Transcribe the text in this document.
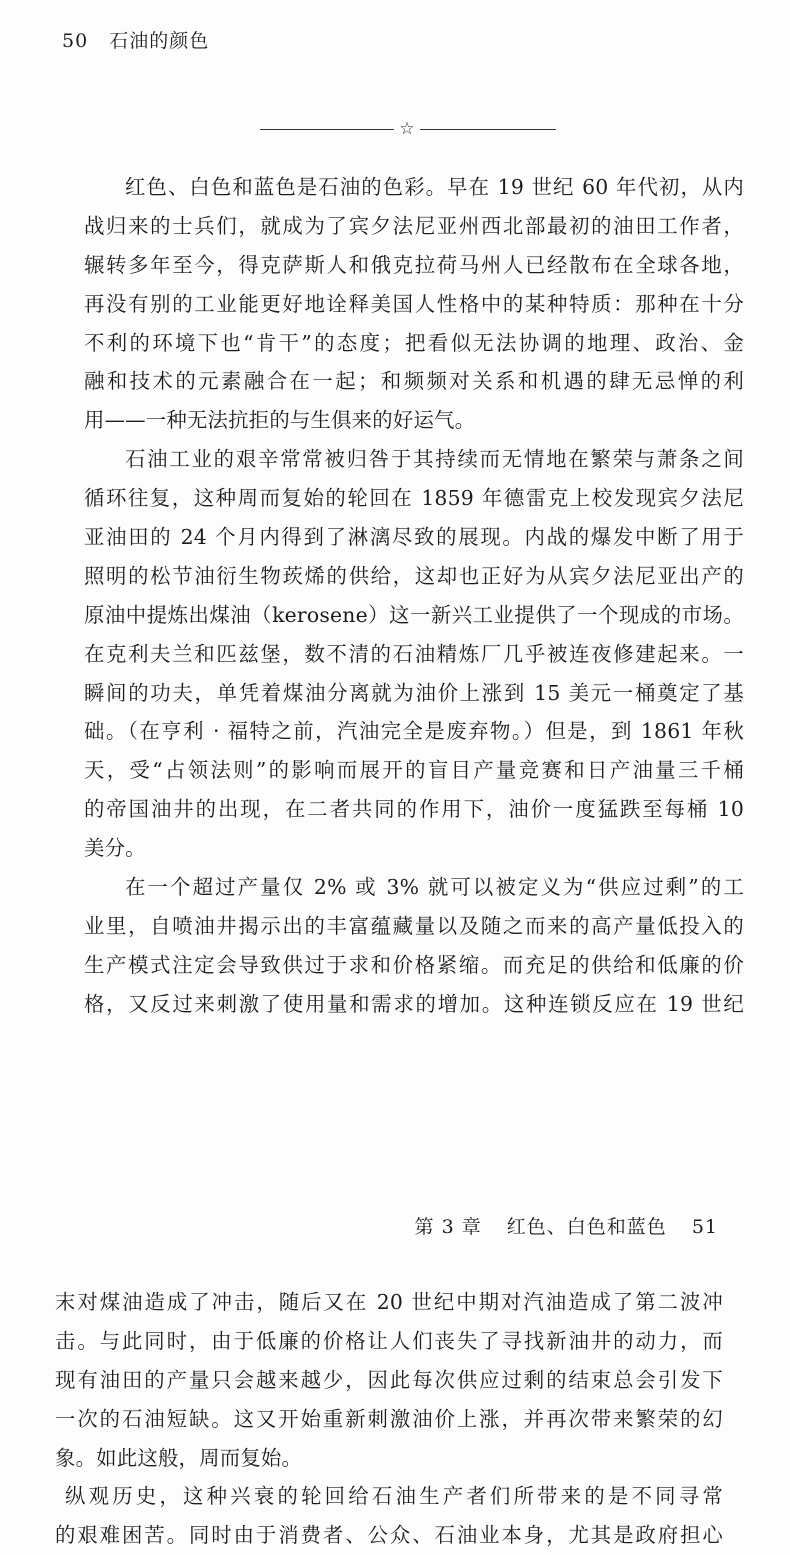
50 石油的颜色
☆
红色、白色和蓝色是石油的色彩。早在 19 世纪 60 年代初，从内
战归来的士兵们，就成为了宾夕法尼亚州西北部最初的油田工作者，
辗转多年至今，得克萨斯人和俄克拉荷马州人已经散布在全球各地，
再没有别的工业能更好地诠释美国人性格中的某种特质：那种在十分
不利的环境下也“肯干”的态度；把看似无法协调的地理、政治、金
融和技术的元素融合在一起；和频频对关系和机遇的肆无忌惮的利
用——一种无法抗拒的与生俱来的好运气。
石油工业的艰辛常常被归咎于其持续而无情地在繁荣与萧条之间
循环往复，这种周而复始的轮回在 1859 年德雷克上校发现宾夕法尼
亚油田的 24 个月内得到了淋漓尽致的展现。内战的爆发中断了用于
照明的松节油衍生物莰烯的供给，这却也正好为从宾夕法尼亚出产的
原油中提炼出煤油（kerosene）这一新兴工业提供了一个现成的市场。
在克利夫兰和匹兹堡，数不清的石油精炼厂几乎被连夜修建起来。一
瞬间的功夫，单凭着煤油分离就为油价上涨到 15 美元一桶奠定了基
础。（在亨利 · 福特之前，汽油完全是废弃物。）但是，到 1861 年秋
天，受“占领法则”的影响而展开的盲目产量竞赛和日产油量三千桶
的帝国油井的出现，在二者共同的作用下，油价一度猛跌至每桶 10
美分。
在一个超过产量仅 2% 或 3% 就可以被定义为“供应过剩”的工
业里，自喷油井揭示出的丰富蕴藏量以及随之而来的高产量低投入的
生产模式注定会导致供过于求和价格紧缩。而充足的供给和低廉的价
格，又反过来刺激了使用量和需求的增加。这种连锁反应在 19 世纪
第 3 章 红色、白色和蓝色 51
末对煤油造成了冲击，随后又在 20 世纪中期对汽油造成了第二波冲
击。与此同时，由于低廉的价格让人们丧失了寻找新油井的动力，而
现有油田的产量只会越来越少，因此每次供应过剩的结束总会引发下
一次的石油短缺。这又开始重新刺激油价上涨，并再次带来繁荣的幻
象。如此这般，周而复始。
纵观历史，这种兴衰的轮回给石油生产者们所带来的是不同寻常
的艰难困苦。同时由于消费者、公众、石油业本身，尤其是政府担心
